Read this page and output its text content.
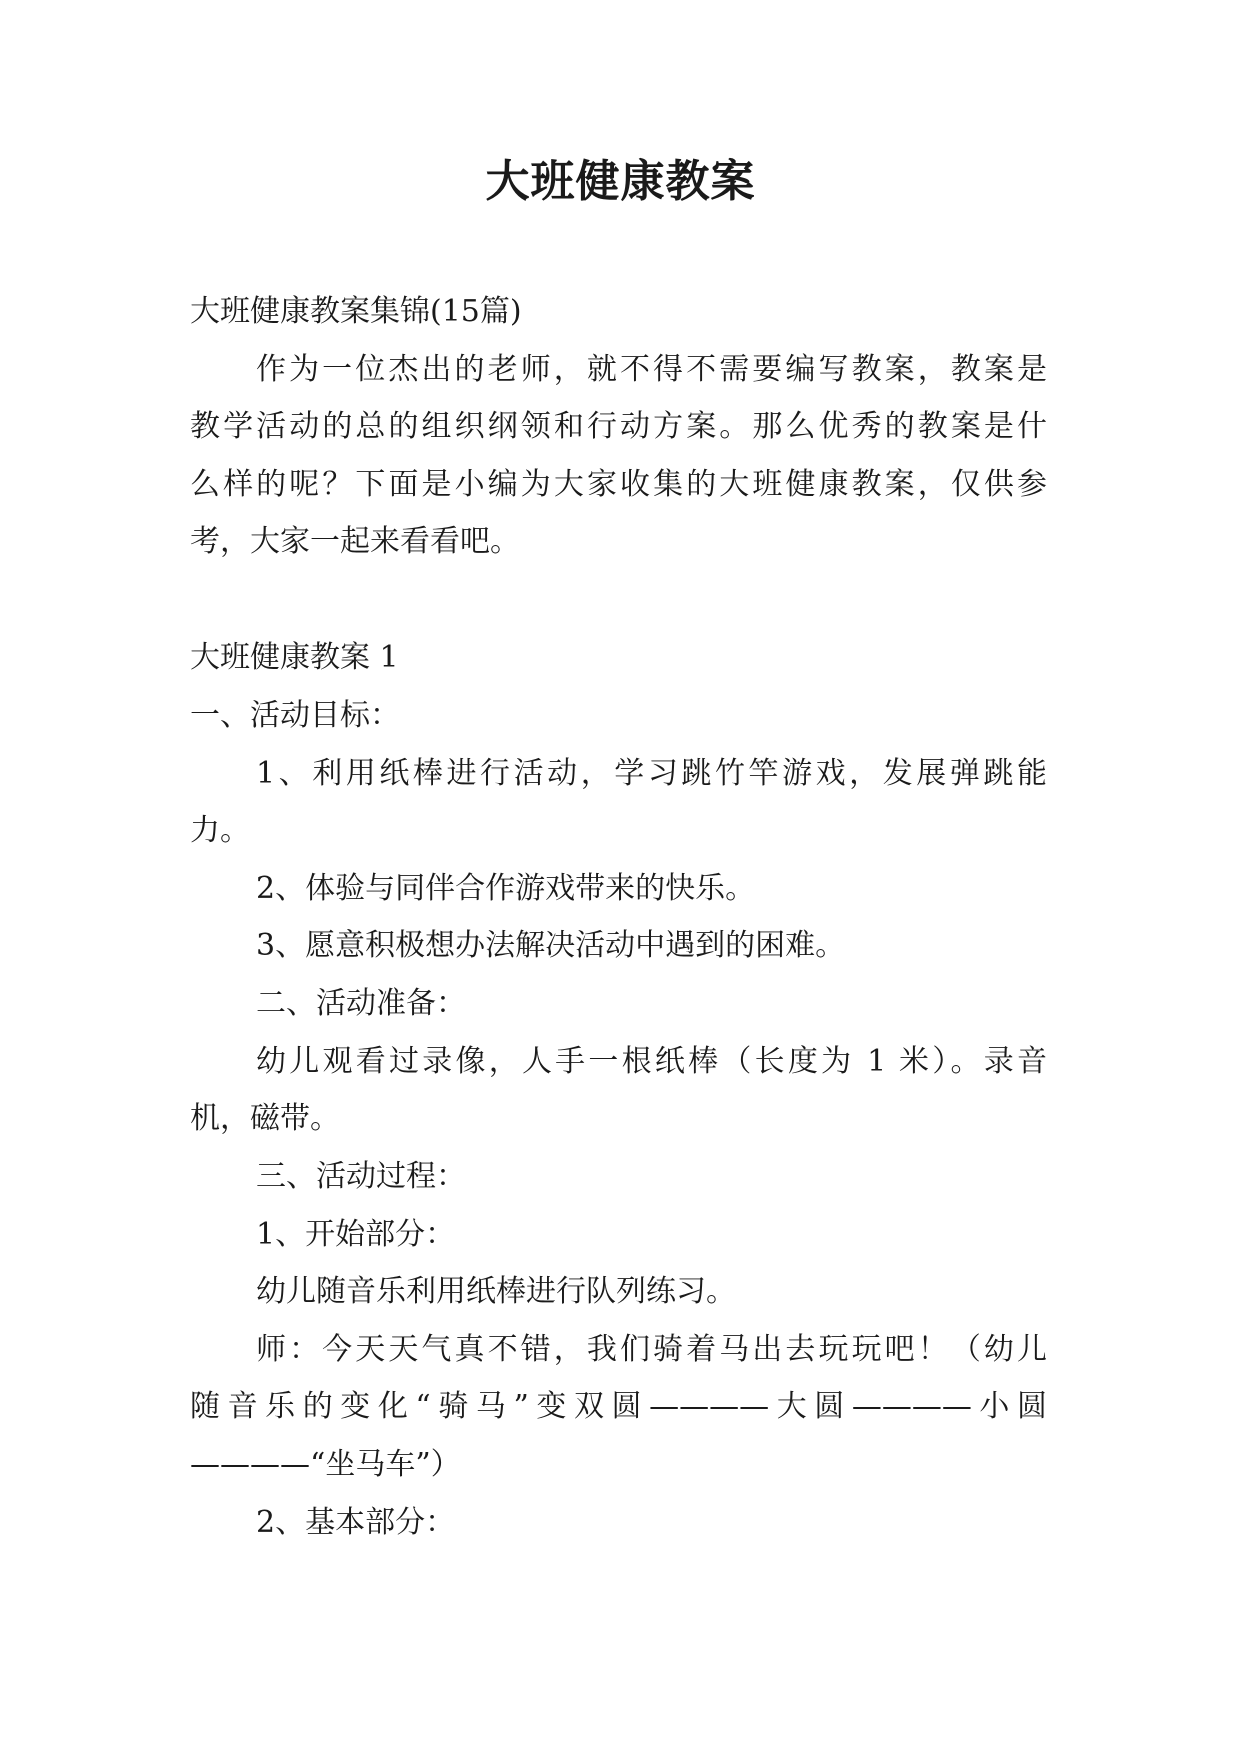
大班健康教案
大班健康教案集锦(15篇)
作为一位杰出的老师，就不得不需要编写教案，教案是
教学活动的总的组织纲领和行动方案。那么优秀的教案是什
么样的呢？下面是小编为大家收集的大班健康教案，仅供参
考，大家一起来看看吧。
大班健康教案 1
一、活动目标：
1、利用纸棒进行活动，学习跳竹竿游戏，发展弹跳能
力。
2、体验与同伴合作游戏带来的快乐。
3、愿意积极想办法解决活动中遇到的困难。
二、活动准备：
幼儿观看过录像，人手一根纸棒（长度为 1 米）。录音
机，磁带。
三、活动过程：
1、开始部分：
幼儿随音乐利用纸棒进行队列练习。
师：今天天气真不错，我们骑着马出去玩玩吧！（幼儿
随音乐的变化“骑马”变双圆————大圆————小圆
————“坐马车”）
2、基本部分：
